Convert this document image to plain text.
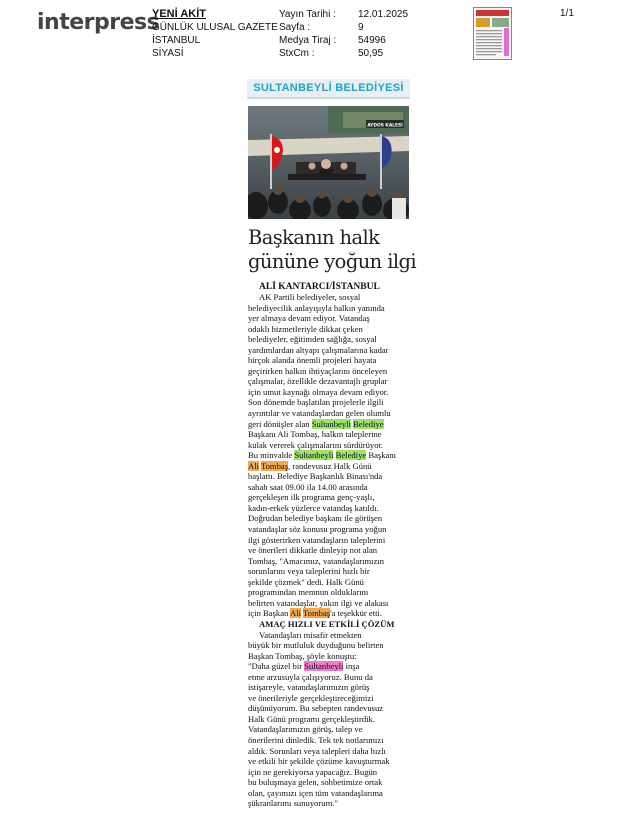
interpress
YENİ AKİT
GÜNLÜK ULUSAL GAZETE
İSTANBUL
SİYASİ
Yayın Tarihi :
Sayfa :
Medya Tiraj :
StxCm :
12.01.2025
9
54996
50,95
1/1
SULTANBEYLİ BELEDİYESİ
AYDOS KALESİ
Başkanın halk
gününe yoğun ilgi
ALİ KANTARCI/İSTANBUL

AK Partili belediyeler, sosyal

belediyecilik anlayışıyla halkın yanında

yer almaya devam ediyor. Vatandaş

odaklı hizmetleriyle dikkat çeken

belediyeler, eğitimden sağlığa, sosyal

yardımlardan altyapı çalışmalarına kadar

birçok alanda önemli projeleri hayata

geçirirken halkın ihtiyaçlarını önceleyen

çalışmalar, özellikle dezavantajlı gruplar

için umut kaynağı olmaya devam ediyor.

Son dönemde başlatılan projelerle ilgili

ayrıntılar ve vatandaşlardan gelen olumlu

geri dönüşler alan Sultanbeyli Belediye

Başkanı Ali Tombaş, halkın taleplerine

kulak vererek çalışmalarını sürdürüyor.

Bu minvalde Sultanbeyli Belediye Başkanı

Ali Tombaş, randevusuz Halk Günü

başlattı. Belediye Başkanlık Binası'nda

sabah saat 09.00 ila 14.00 arasında

gerçekleşen ilk programa genç-yaşlı,

kadın-erkek yüzlerce vatandaş katıldı.

Doğrudan belediye başkanı ile görüşen

vatandaşlar söz konusu programa yoğun

ilgi gösterirken vatandaşların taleplerini

ve önerileri dikkatle dinleyip not alan

Tombaş, "Amacımız, vatandaşlarımızın

sorunlarını veya taleplerini hızlı bir

şekilde çözmek" dedi. Halk Günü

programından memnun olduklarını

belirten vatandaşlar, yakın ilgi ve alakası

için Başkan Ali Tombaş'a teşekkür etti.

AMAÇ HIZLI VE ETKİLİ ÇÖZÜM

Vatandaşları misafir etmekten

büyük bir mutluluk duyduğunu belirten

Başkan Tombaş, şöyle konuştu:

"Daha güzel bir Sultanbeyli inşa

etme arzusuyla çalışıyoruz. Bunu da

istişareyle, vatandaşlarımızın görüş

ve önerileriyle gerçekleştireceğimizi

düşünüyorum. Bu sebepten randevusuz

Halk Günü programı gerçekleştirdik.

Vatandaşlarımızın görüş, talep ve

önerilerini dinledik. Tek tek notlarımızı

aldık. Sorunları veya talepleri daha hızlı

ve etkili bir şekilde çözüme kavuşturmak

için ne gerekiyorsa yapacağız. Bugün

bu buluşmaya gelen, sohbetimize ortak

olan, çayımızı içen tüm vatandaşlarıma

şükranlarımı sunuyorum."
